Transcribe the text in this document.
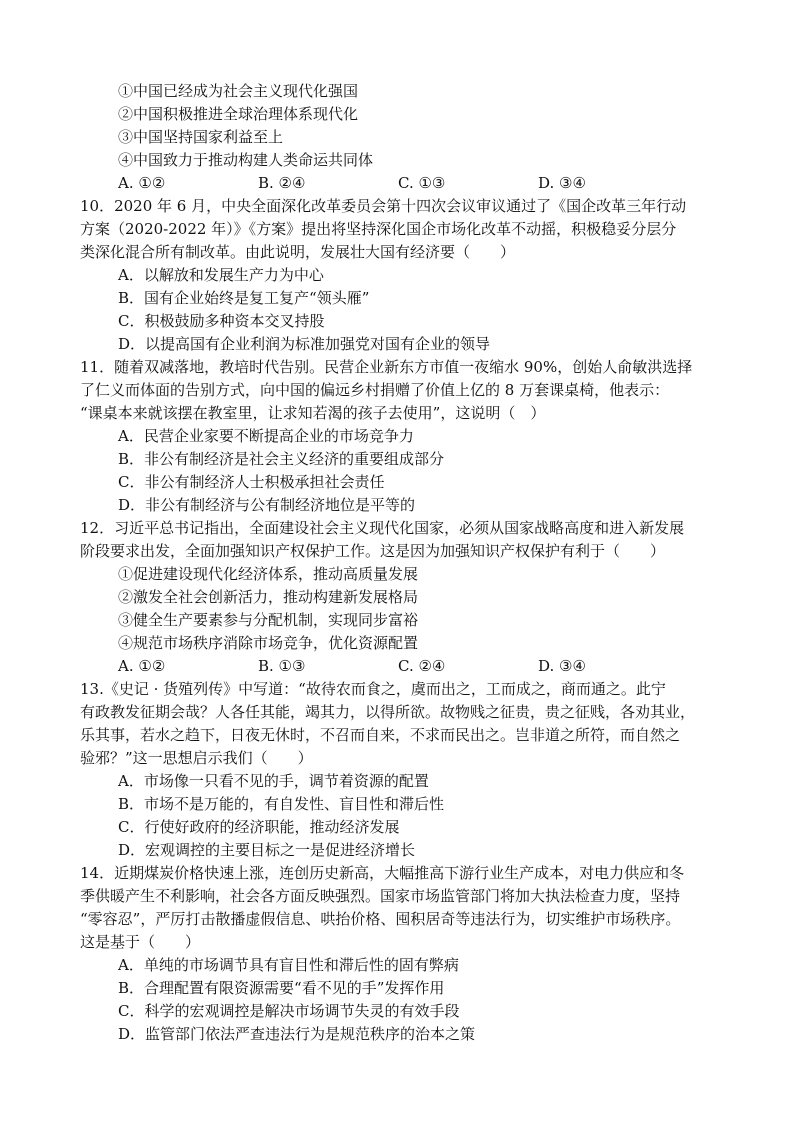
①中国已经成为社会主义现代化强国
②中国积极推进全球治理体系现代化
③中国坚持国家利益至上
④中国致力于推动构建人类命运共同体
A. ①②	B. ②④	C. ①③	D. ③④
10．2020 年 6 月，中央全面深化改革委员会第十四次会议审议通过了《国企改革三年行动
方案（2020-2022 年）》《方案》提出将坚持深化国企市场化改革不动摇，积极稳妥分层分
类深化混合所有制改革。由此说明，发展壮大国有经济要（　　）
A．以解放和发展生产力为中心
B．国有企业始终是复工复产“领头雁”
C．积极鼓励多种资本交叉持股
D．以提高国有企业利润为标准加强党对国有企业的领导
11．随着双减落地，教培时代告别。民营企业新东方市值一夜缩水 90%，创始人俞敏洪选择
了仁义而体面的告别方式，向中国的偏远乡村捐赠了价值上亿的 8 万套课桌椅，他表示：
“课桌本来就该摆在教室里，让求知若渴的孩子去使用”，这说明（　）
A．民营企业家要不断提高企业的市场竞争力
B．非公有制经济是社会主义经济的重要组成部分
C．非公有制经济人士积极承担社会责任
D．非公有制经济与公有制经济地位是平等的
12．习近平总书记指出，全面建设社会主义现代化国家，必须从国家战略高度和进入新发展
阶段要求出发，全面加强知识产权保护工作。这是因为加强知识产权保护有利于（　　）
①促进建设现代化经济体系，推动高质量发展
②激发全社会创新活力，推动构建新发展格局
③健全生产要素参与分配机制，实现同步富裕
④规范市场秩序消除市场竞争，优化资源配置
A. ①②	B. ①③	C. ②④	D. ③④
13.《史记 · 货殖列传》中写道：“故待农而食之，虞而出之，工而成之，商而通之。此宁
有政教发征期会哉？人各任其能，竭其力，以得所欲。故物贱之征贵，贵之征贱，各劝其业，
乐其事，若水之趋下，日夜无休时，不召而自来，不求而民出之。岂非道之所符，而自然之
验邪？”这一思想启示我们（　　）
A．市场像一只看不见的手，调节着资源的配置
B．市场不是万能的，有自发性、盲目性和滞后性
C．行使好政府的经济职能，推动经济发展
D．宏观调控的主要目标之一是促进经济增长
14．近期煤炭价格快速上涨，连创历史新高，大幅推高下游行业生产成本，对电力供应和冬
季供暖产生不利影响，社会各方面反映强烈。国家市场监管部门将加大执法检查力度，坚持
“零容忍”，严厉打击散播虚假信息、哄抬价格、囤积居奇等违法行为，切实维护市场秩序。
这是基于（　　）
A．单纯的市场调节具有盲目性和滞后性的固有弊病
B．合理配置有限资源需要“看不见的手”发挥作用
C．科学的宏观调控是解决市场调节失灵的有效手段
D．监管部门依法严查违法行为是规范秩序的治本之策
